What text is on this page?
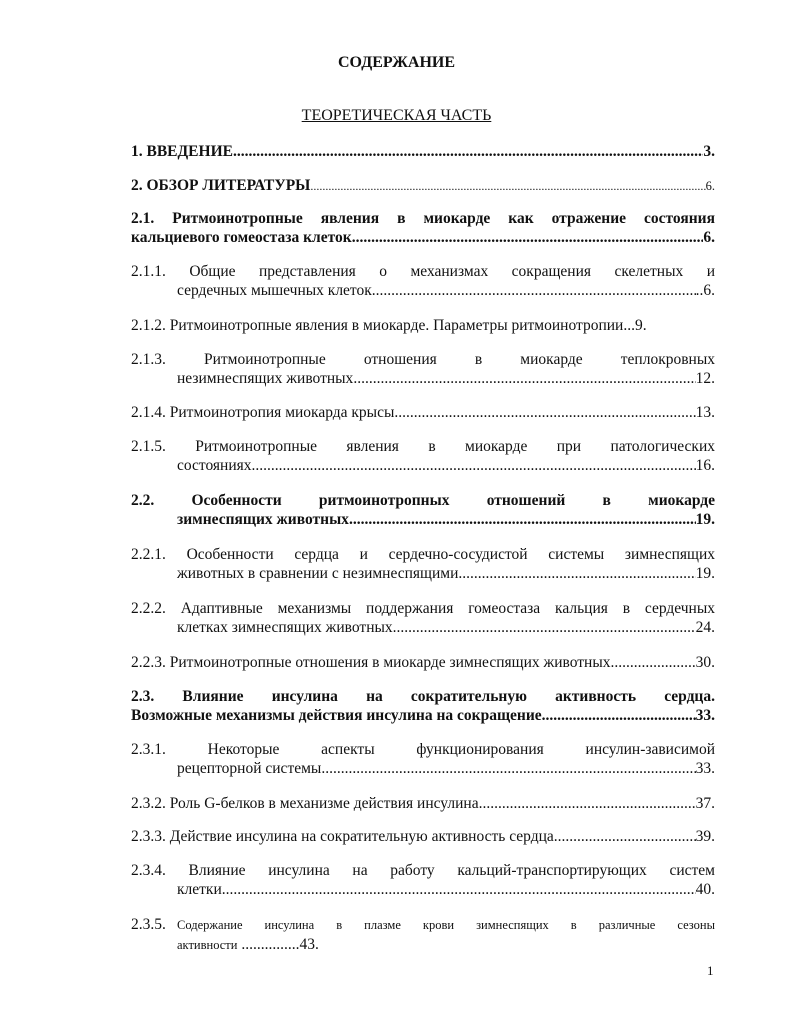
СОДЕРЖАНИЕ
ТЕОРЕТИЧЕСКАЯ ЧАСТЬ
1. ВВЕДЕНИЕ .....	3.
2. ОБЗОР ЛИТЕРАТУРЫ .....	6.
2.1. Ритмоинотропные явления в миокарде как отражение состояния
кальциевого гомеостаза клеток .....	6.
2.1.1. Общие представления о механизмах сокращения скелетных и
сердечных мышечных клеток .....	..6.
2.1.2. Ритмоинотропные явления в миокарде. Параметры ритмоинотропии...9.
2.1.3. Ритмоинотропные отношения в миокарде теплокровных
незимнеспящих животных .....	12.
2.1.4. Ритмоинотропия миокарда крысы .....	13.
2.1.5. Ритмоинотропные явления в миокарде при патологических
состояниях .....	16.
2.2. Особенности ритмоинотропных отношений в миокарде
зимнеспящих животных .....	19.
2.2.1. Особенности сердца и сердечно-сосудистой системы зимнеспящих
животных в сравнении с незимнеспящими .....	19.
2.2.2. Адаптивные механизмы поддержания гомеостаза кальция в сердечных
клетках зимнеспящих животных .....	24.
2.2.3. Ритмоинотропные отношения в миокарде зимнеспящих животных .....	30.
2.3. Влияние инсулина на сократительную активность сердца.
Возможные механизмы действия инсулина на сокращение .....	33.
2.3.1. Некоторые аспекты функционирования инсулин-зависимой
рецепторной системы .....	33.
2.3.2. Роль G-белков в механизме действия инсулина .....	37.
2.3.3. Действие инсулина на сократительную активность сердца .....	39.
2.3.4. Влияние инсулина на работу кальций-транспортирующих систем
клетки .....	40.
2.3.5. Содержание инсулина в плазме крови зимнеспящих в различные сезоны
активности ...............43.
1
